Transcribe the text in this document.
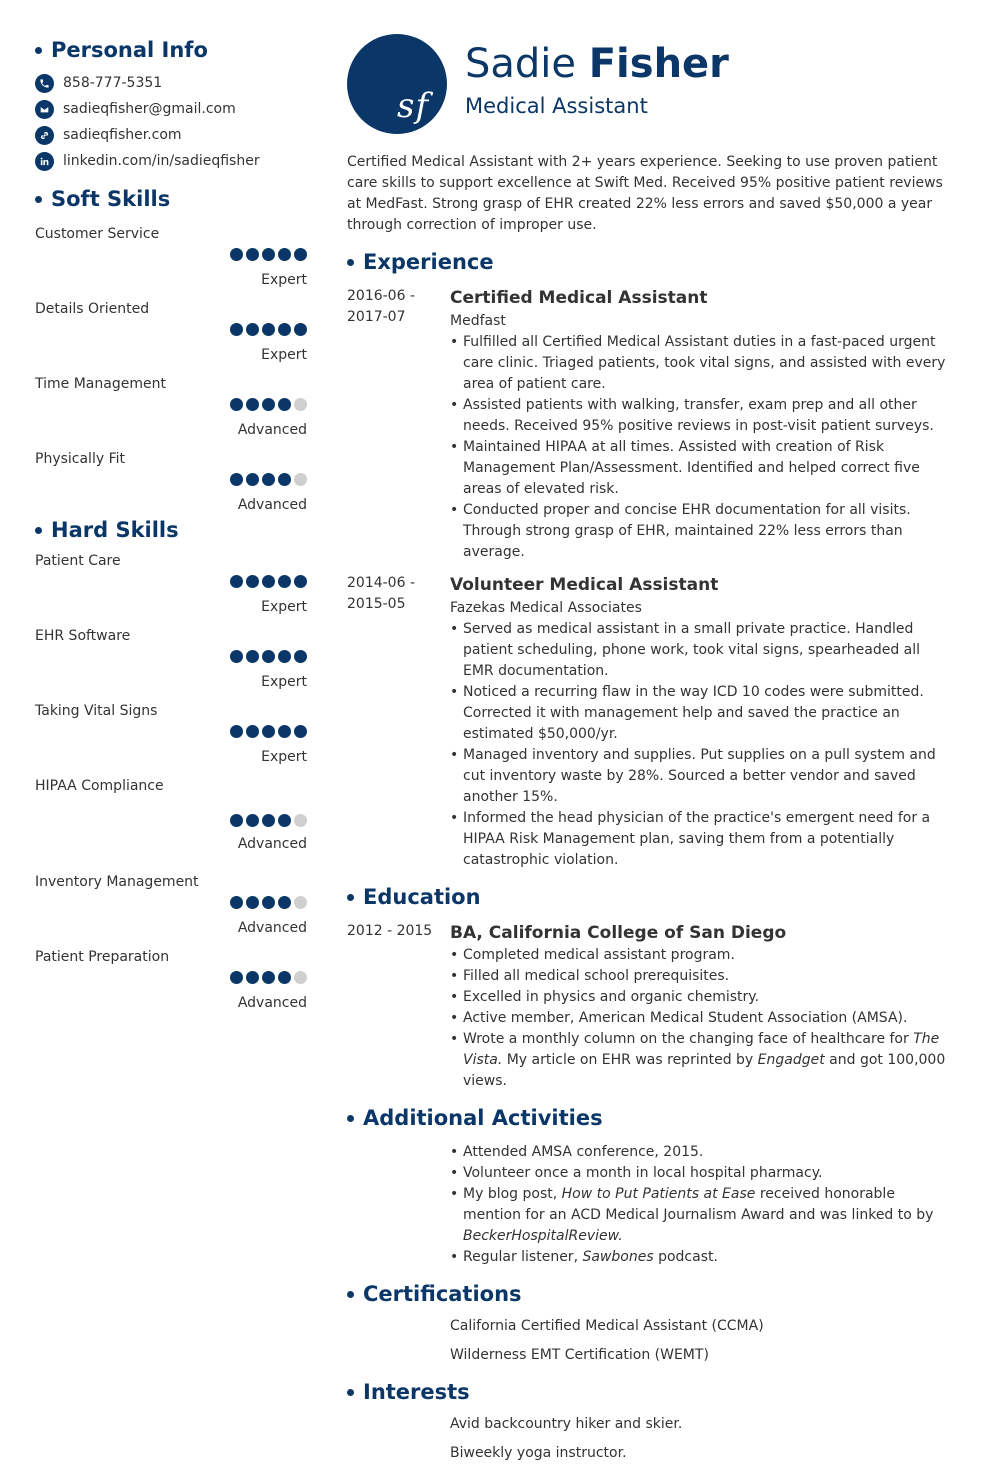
Personal Info
858-777-5351
sadieqfisher@gmail.com
sadieqfisher.com
linkedin.com/in/sadieqfisher
Soft Skills
Customer Service
Expert
Details Oriented
Expert
Time Management
Advanced
Physically Fit
Advanced
Hard Skills
Patient Care
Expert
EHR Software
Expert
Taking Vital Signs
Expert
HIPAA Compliance
Advanced
Inventory Management
Advanced
Patient Preparation
Advanced
sf
Sadie Fisher
Medical Assistant
Certified Medical Assistant with 2+ years experience. Seeking to use proven patient care skills to support excellence at Swift Med. Received 95% positive patient reviews at MedFast. Strong grasp of EHR created 22% less errors and saved $50,000 a year through correction of improper use.
Experience
2016-06 - 2017-07
Certified Medical Assistant
Medfast
• Fulfilled all Certified Medical Assistant duties in a fast-paced urgent care clinic. Triaged patients, took vital signs, and assisted with every area of patient care.
• Assisted patients with walking, transfer, exam prep and all other needs. Received 95% positive reviews in post-visit patient surveys.
• Maintained HIPAA at all times. Assisted with creation of Risk Management Plan/Assessment. Identified and helped correct five areas of elevated risk.
• Conducted proper and concise EHR documentation for all visits. Through strong grasp of EHR, maintained 22% less errors than average.
2014-06 - 2015-05
Volunteer Medical Assistant
Fazekas Medical Associates
• Served as medical assistant in a small private practice. Handled patient scheduling, phone work, took vital signs, spearheaded all EMR documentation.
• Noticed a recurring flaw in the way ICD 10 codes were submitted. Corrected it with management help and saved the practice an estimated $50,000/yr.
• Managed inventory and supplies. Put supplies on a pull system and cut inventory waste by 28%. Sourced a better vendor and saved another 15%.
• Informed the head physician of the practice's emergent need for a HIPAA Risk Management plan, saving them from a potentially catastrophic violation.
Education
2012 - 2015 BA, California College of San Diego
• Completed medical assistant program.
• Filled all medical school prerequisites.
• Excelled in physics and organic chemistry.
• Active member, American Medical Student Association (AMSA).
• Wrote a monthly column on the changing face of healthcare for The Vista. My article on EHR was reprinted by Engadget and got 100,000 views.
Additional Activities
• Attended AMSA conference, 2015.
• Volunteer once a month in local hospital pharmacy.
• My blog post, How to Put Patients at Ease received honorable mention for an ACD Medical Journalism Award and was linked to by BeckerHospitalReview.
• Regular listener, Sawbones podcast.
Certifications
California Certified Medical Assistant (CCMA)
Wilderness EMT Certification (WEMT)
Interests
Avid backcountry hiker and skier.
Biweekly yoga instructor.
